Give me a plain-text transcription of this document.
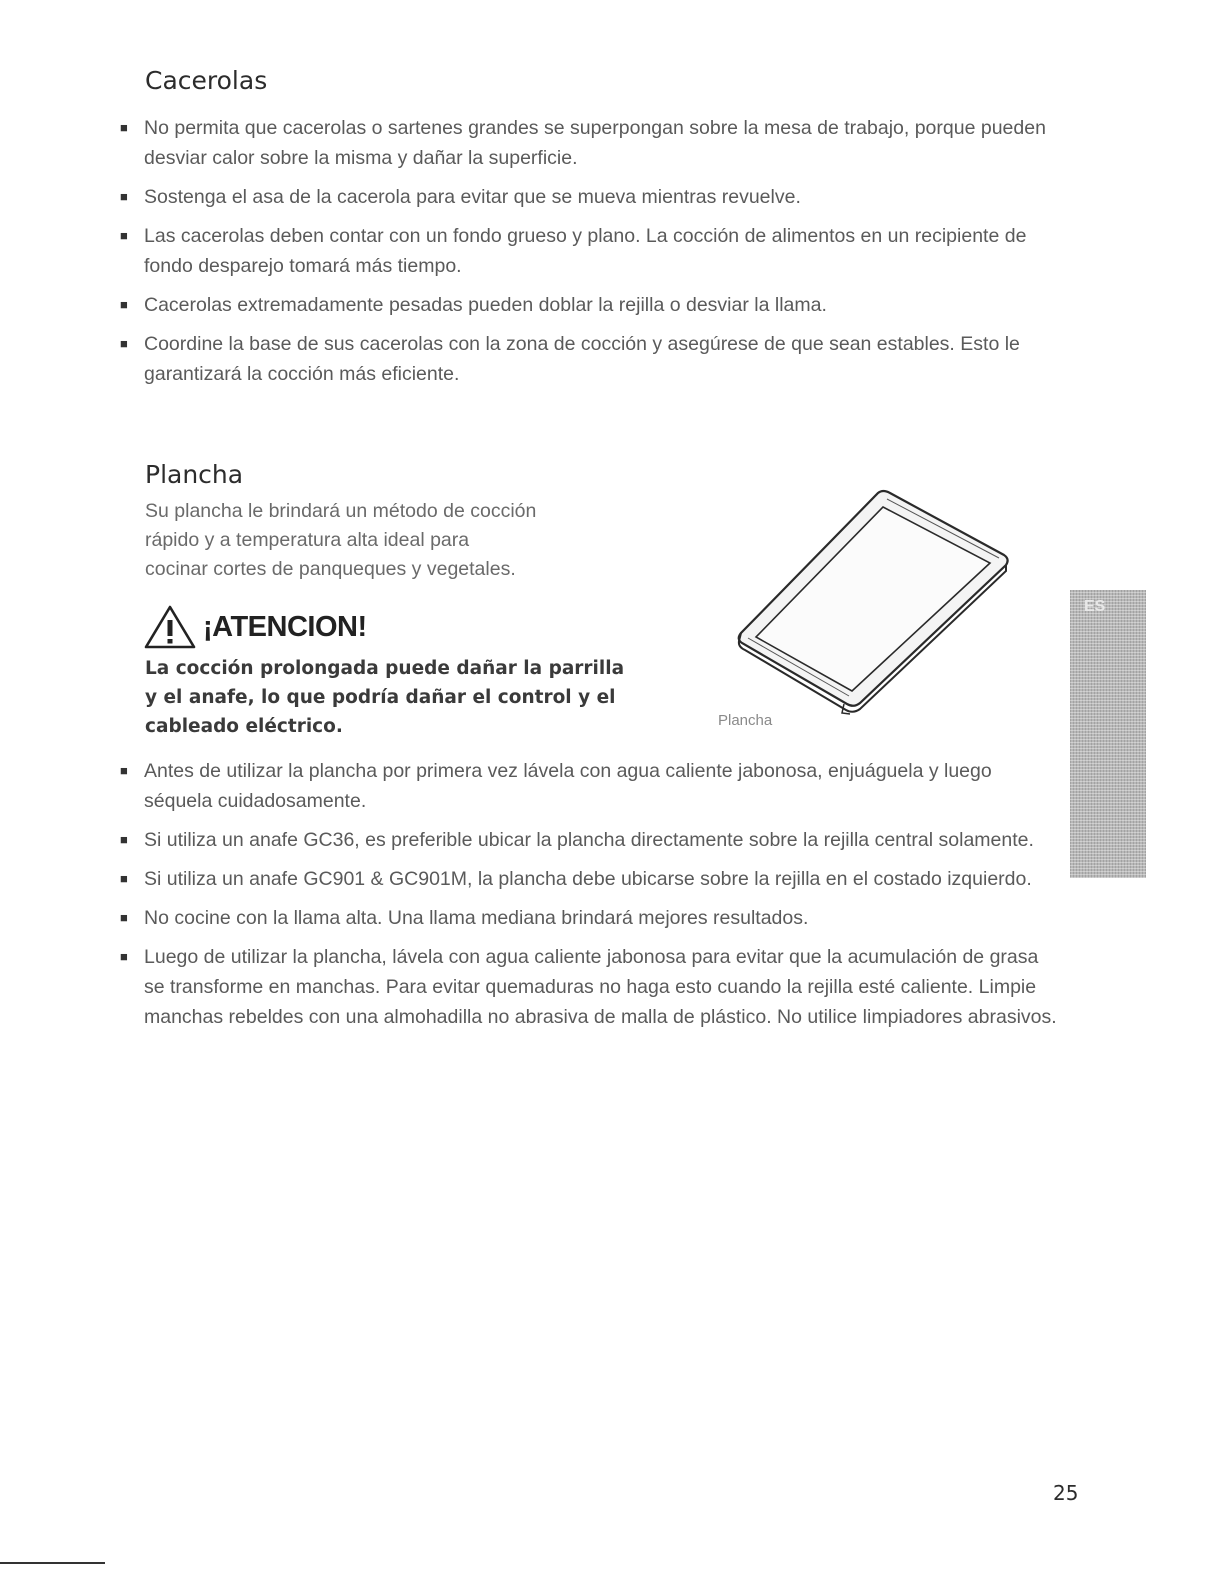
Cacerolas
■ No permita que cacerolas o sartenes grandes se superpongan sobre la mesa de trabajo, porque pueden desviar calor sobre la misma y dañar la superficie.
■ Sostenga el asa de la cacerola para evitar que se mueva mientras revuelve.
■ Las cacerolas deben contar con un fondo grueso y plano. La cocción de alimentos en un recipiente de fondo desparejo tomará más tiempo.
■ Cacerolas extremadamente pesadas pueden doblar la rejilla o desviar la llama.
■ Coordine la base de sus cacerolas con la zona de cocción y asegúrese de que sean estables. Esto le garantizará la cocción más eficiente.
Plancha

Su plancha le brindará un método de cocción
rápido y a temperatura alta ideal para
cocinar cortes de panqueques y vegetales.

¡ATENCION!

La cocción prolongada puede dañar la parrilla
y el anafe, lo que podría dañar el control y el
cableado eléctrico.	Plancha

■ Antes de utilizar la plancha por primera vez lávela con agua caliente jabonosa, enjuáguela y luego séquela cuidadosamente.
■ Si utiliza un anafe GC36, es preferible ubicar la plancha directamente sobre la rejilla central solamente.
■ Si utiliza un anafe GC901 & GC901M, la plancha debe ubicarse sobre la rejilla en el costado izquierdo.
■ No cocine con la llama alta. Una llama mediana brindará mejores resultados.
■ Luego de utilizar la plancha, lávela con agua caliente jabonosa para evitar que la acumulación de grasa se transforme en manchas. Para evitar quemaduras no haga esto cuando la rejilla esté caliente. Limpie manchas rebeldes con una almohadilla no abrasiva de malla de plástico. No utilice limpiadores abrasivos.
ES
25
